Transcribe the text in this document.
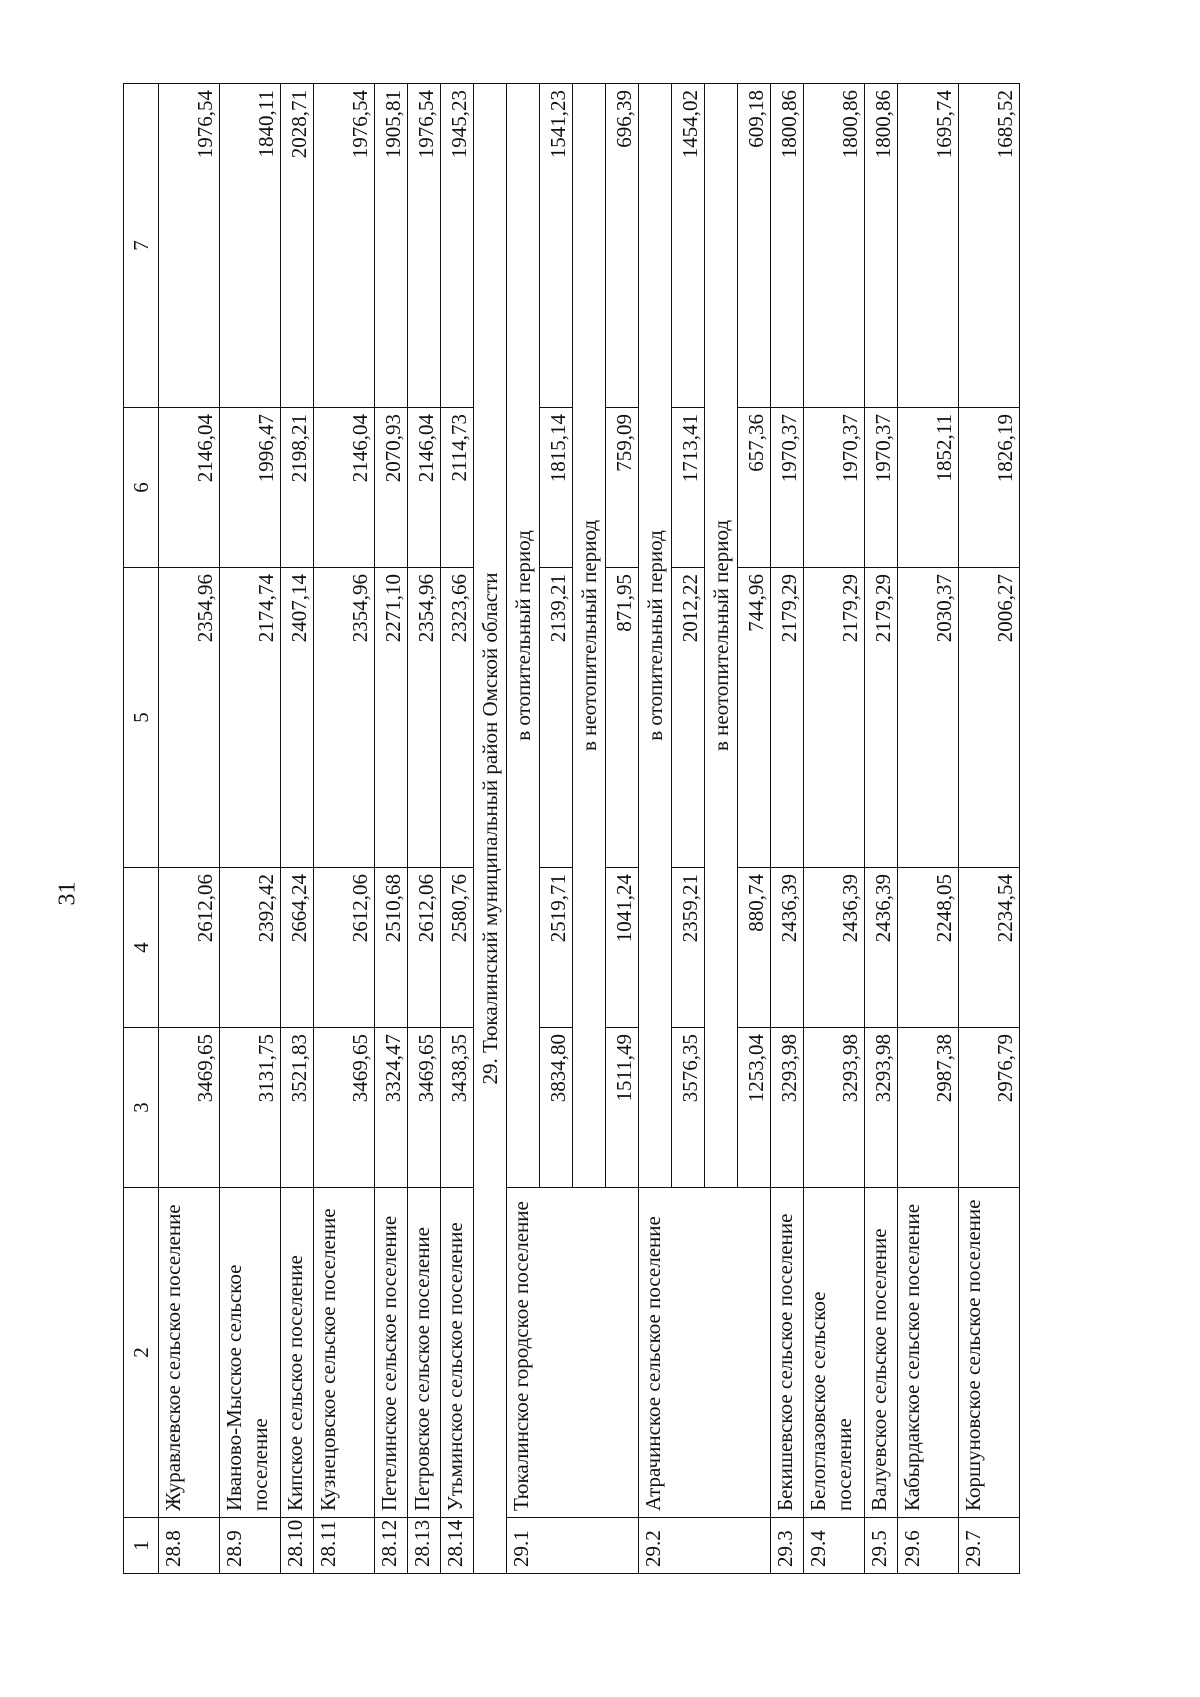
31
1	2	3	4	5	6	7
28.8	Журавлевское сельское поселение	3469,65	2612,06	2354,96	2146,04	1976,54
28.9	Иваново-Мысское сельское поселение	3131,75	2392,42	2174,74	1996,47	1840,11
28.10	Кипское сельское поселение	3521,83	2664,24	2407,14	2198,21	2028,71
28.11	Кузнецовское сельское поселение	3469,65	2612,06	2354,96	2146,04	1976,54
28.12	Петелинское сельское поселение	3324,47	2510,68	2271,10	2070,93	1905,81
28.13	Петровское сельское поселение	3469,65	2612,06	2354,96	2146,04	1976,54
28.14	Утьминское сельское поселение	3438,35	2580,76	2323,66	2114,73	1945,23
29. Тюкалинский муниципальный район Омской области						
29.1	Тюкалинское городское поселение	в отопительный период				
		3834,80	2519,71	2139,21	1815,14	1541,23
		в неотопительный период				
		1511,49	1041,24	871,95	759,09	696,39
29.2	Атрачинское сельское поселение	в отопительный период				
		3576,35	2359,21	2012,22	1713,41	1454,02
		в неотопительный период				
		1253,04	880,74	744,96	657,36	609,18
29.3	Бекишевское сельское поселение	3293,98	2436,39	2179,29	1970,37	1800,86
29.4	Белоглазовское сельское поселение	3293,98	2436,39	2179,29	1970,37	1800,86
29.5	Валуевское сельское поселение	3293,98	2436,39	2179,29	1970,37	1800,86
29.6	Кабырдакское сельское поселение	2987,38	2248,05	2030,37	1852,11	1695,74
29.7	Коршуновское сельское поселение	2976,79	2234,54	2006,27	1826,19	1685,52
